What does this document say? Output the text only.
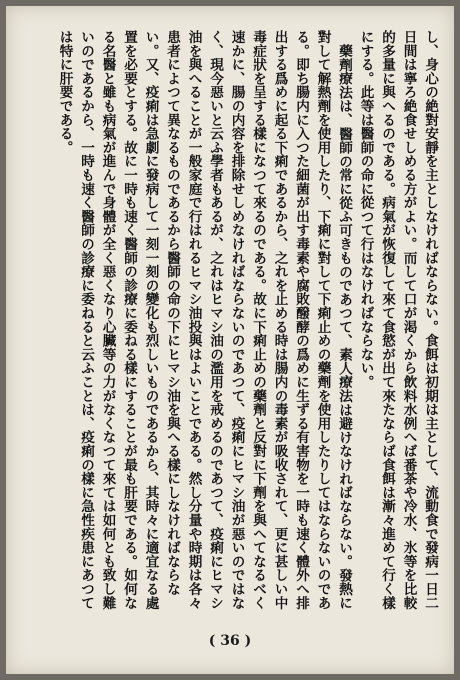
し、身心の絶對安靜を主としなければならない。食餌は初期は主として、流動食で發病一日二日間は寧ろ絶食せしめる方がよい。而して口が渇くから飲料水例へば番茶や冷水、氷等を比較的多量に與へるのである。病氣が恢復して來て食慾が出て來たならば食餌は漸々進めて行く樣にする。此等は醫師の命に從つて行はなければならない。

藥劑療法は、醫師の常に從ふ可きものであつて、素人療法は避けなければならない。發熱に對して解熱劑を使用したり、下痢に對して下痢止めの藥劑を使用したりしてはならないのである。即ち腸内に入つた細菌が出す毒素や腐敗醱酵の爲めに生ずる有害物を一時も速く體外へ排出する爲めに起る下痢であるから、之れを止める時は腸内の毒素が吸收されて、更に甚しい中毒症狀を呈する樣になつて來るのである。故に下痢止めの藥劑と反對に下劑を與へてなるべく速かに、腸の内容を排除せしめなければならないのであつて、疫痢にヒマシ油が惡いのではなく、現今惡いと云ふ學者もあるが、之れはヒマシ油の濫用を戒めるのであつて、疫痢にヒマシ油を與へることが一般家庭で行はれるヒマシ油投與はよいことである。然し分量や時期は各々患者によつて異なるものであるから醫師の命の下にヒマシ油を與へる樣にしなければならない。又、疫痢は急劇に發病して一刻一刻の變化も烈しいものであるから、其時々に適宜なる處置を必要とする。故に一時も速く醫師の診療に委ねる樣にすることが最も肝要である。如何なる名醫と雖も病氣が進んで身體が全く惡くなり心臟等の力がなくなつて來ては如何とも致し難いのであるから、一時も速く醫師の診療に委ねると云ふことは、疫痢の樣に急性疾患にあつては特に肝要である。

( 36 )
